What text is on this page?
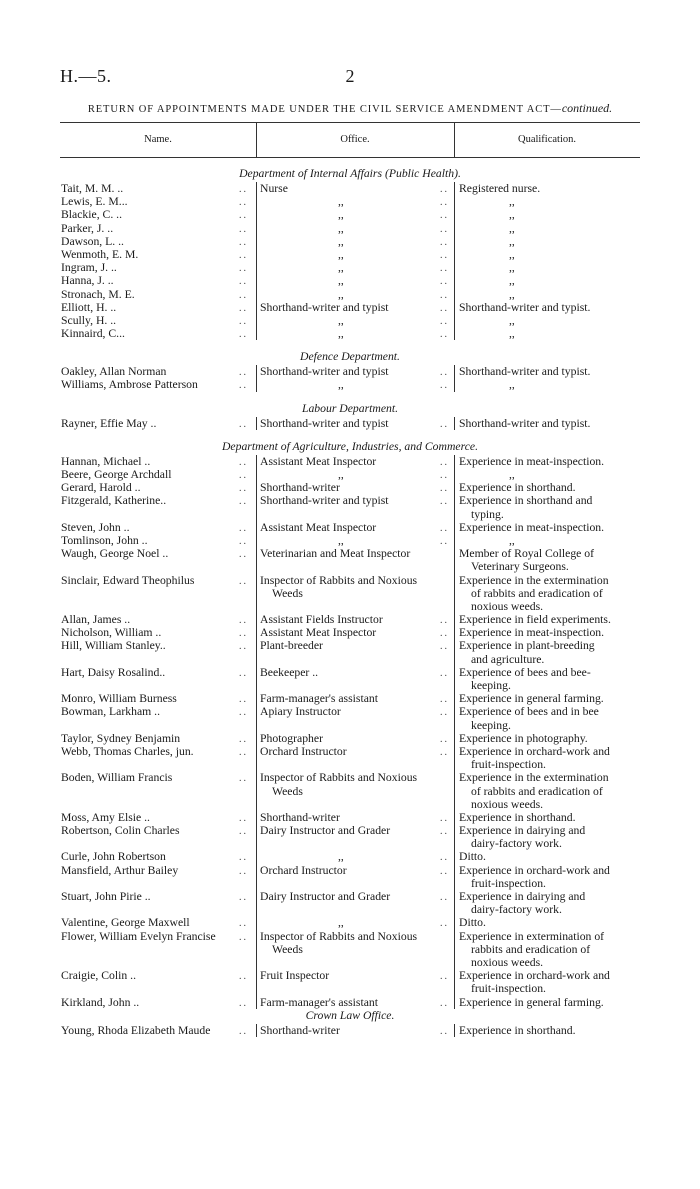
H.—5.	2
RETURN OF APPOINTMENTS MADE UNDER THE CIVIL SERVICE AMENDMENT ACT—continued.
Name.	Office.	Qualification.
Department of Internal Affairs (Public Health).
Tait, M. M. ..	.. Nurse	.. Registered nurse.
Lewis, E. M...	..	,,	..	,,
Blackie, C. ..	..	,,	..	,,
Parker, J. ..	..	,,	..	,,
Dawson, L. ..	..	,,	..	,,
Wenmoth, E. M.	..	,,	..	,,
Ingram, J. ..	..	,,	..	,,
Hanna, J. ..	..	,,	..	,,
Stronach, M. E.	..	,,	..	,,
Elliott, H. ..	.. Shorthand-writer and typist	.. Shorthand-writer and typist.
Scully, H. ..	..	,,	..	,,
Kinnaird, C...	..	,,	..	,,
Defence Department.
Oakley, Allan Norman	.. Shorthand-writer and typist	.. Shorthand-writer and typist.
Williams, Ambrose Patterson	..	,,	..	,,
Labour Department.
Rayner, Effie May ..	.. Shorthand-writer and typist	.. Shorthand-writer and typist.
Department of Agriculture, Industries, and Commerce.
Hannan, Michael ..	.. Assistant Meat Inspector	.. Experience in meat-inspection.
Beere, George Archdall	..	,,	..	,,
Gerard, Harold ..	.. Shorthand-writer	.. Experience in shorthand.
Fitzgerald, Katherine..	.. Shorthand-writer and typist	.. Experience in shorthand and
typing.
Steven, John ..	.. Assistant Meat Inspector	.. Experience in meat-inspection.
Tomlinson, John ..	..	,,	..	,,
Waugh, George Noel ..	.. Veterinarian and Meat Inspector	Member of Royal College of
Veterinary Surgeons.
Sinclair, Edward Theophilus	.. Inspector of Rabbits and Noxious	Experience in the extermination
Weeds	of rabbits and eradication of
noxious weeds.
Allan, James ..	.. Assistant Fields Instructor	.. Experience in field experiments.
Nicholson, William ..	.. Assistant Meat Inspector	.. Experience in meat-inspection.
Hill, William Stanley..	.. Plant-breeder	.. Experience in plant-breeding
and agriculture.
Hart, Daisy Rosalind..	.. Beekeeper ..	.. Experience of bees and bee-
keeping.
Monro, William Burness	.. Farm-manager's assistant	.. Experience in general farming.
Bowman, Larkham ..	.. Apiary Instructor	.. Experience of bees and in bee
keeping.
Taylor, Sydney Benjamin	.. Photographer	.. Experience in photography.
Webb, Thomas Charles, jun.	.. Orchard Instructor	.. Experience in orchard-work and
fruit-inspection.
Boden, William Francis	.. Inspector of Rabbits and Noxious	Experience in the extermination
Weeds	of rabbits and eradication of
noxious weeds.
Moss, Amy Elsie ..	.. Shorthand-writer	.. Experience in shorthand.
Robertson, Colin Charles	.. Dairy Instructor and Grader	.. Experience in dairying and
dairy-factory work.
Curle, John Robertson	..	,,	.. Ditto.
Mansfield, Arthur Bailey	.. Orchard Instructor	.. Experience in orchard-work and
fruit-inspection.
Stuart, John Pirie ..	.. Dairy Instructor and Grader	.. Experience in dairying and
dairy-factory work.
Valentine, George Maxwell	..	,,	.. Ditto.
Flower, William Evelyn Francise	.. Inspector of Rabbits and Noxious	Experience in extermination of
Weeds	rabbits and eradication of
noxious weeds.
Craigie, Colin ..	.. Fruit Inspector	.. Experience in orchard-work and
fruit-inspection.
Kirkland, John ..	.. Farm-manager's assistant	.. Experience in general farming.
Crown Law Office.
Young, Rhoda Elizabeth Maude	.. Shorthand-writer	.. Experience in shorthand.
